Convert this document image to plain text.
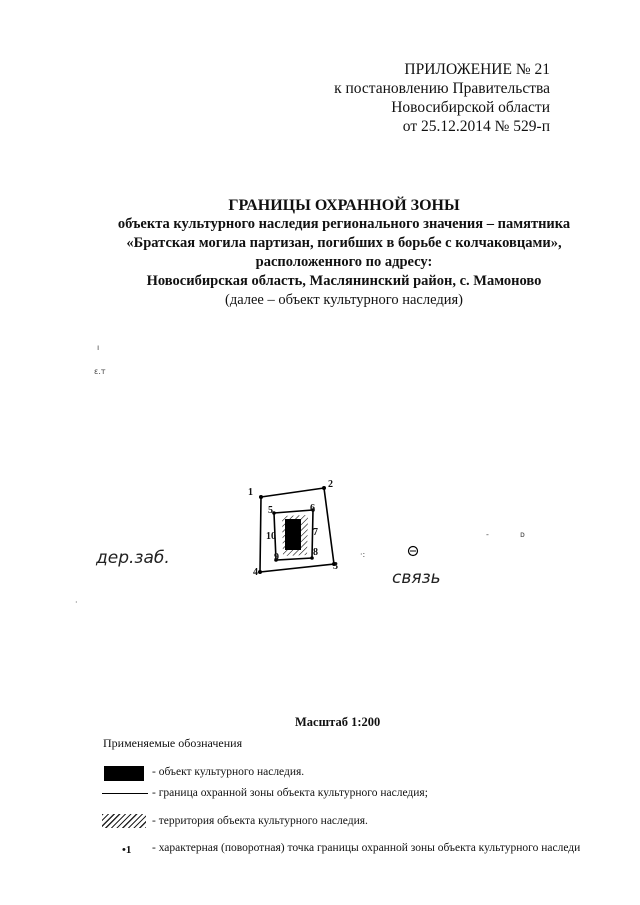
ПРИЛОЖЕНИЕ № 21
к постановлению Правительства
Новосибирской области
от 25.12.2014 № 529-п
ГРАНИЦЫ ОХРАННОЙ ЗОНЫ
объекта культурного наследия регионального значения – памятника
«Братская могила партизан, погибших в борьбе с колчаковцами»,
расположенного по адресу:
Новосибирская область, Маслянинский район, с. Мамоново
(далее – объект культурного наследия)
ı
ɛ.т
-	ᴅ
·
·:
1
2
3
4
5	6
7
8
9
10
дер.заб.
связь
Масштаб 1:200
Применяемые обозначения
- объект культурного наследия.
- граница охранной зоны объекта культурного наследия;
- территория объекта культурного наследия.
•1 - характерная (поворотная) точка границы охранной зоны объекта культурного наследи
